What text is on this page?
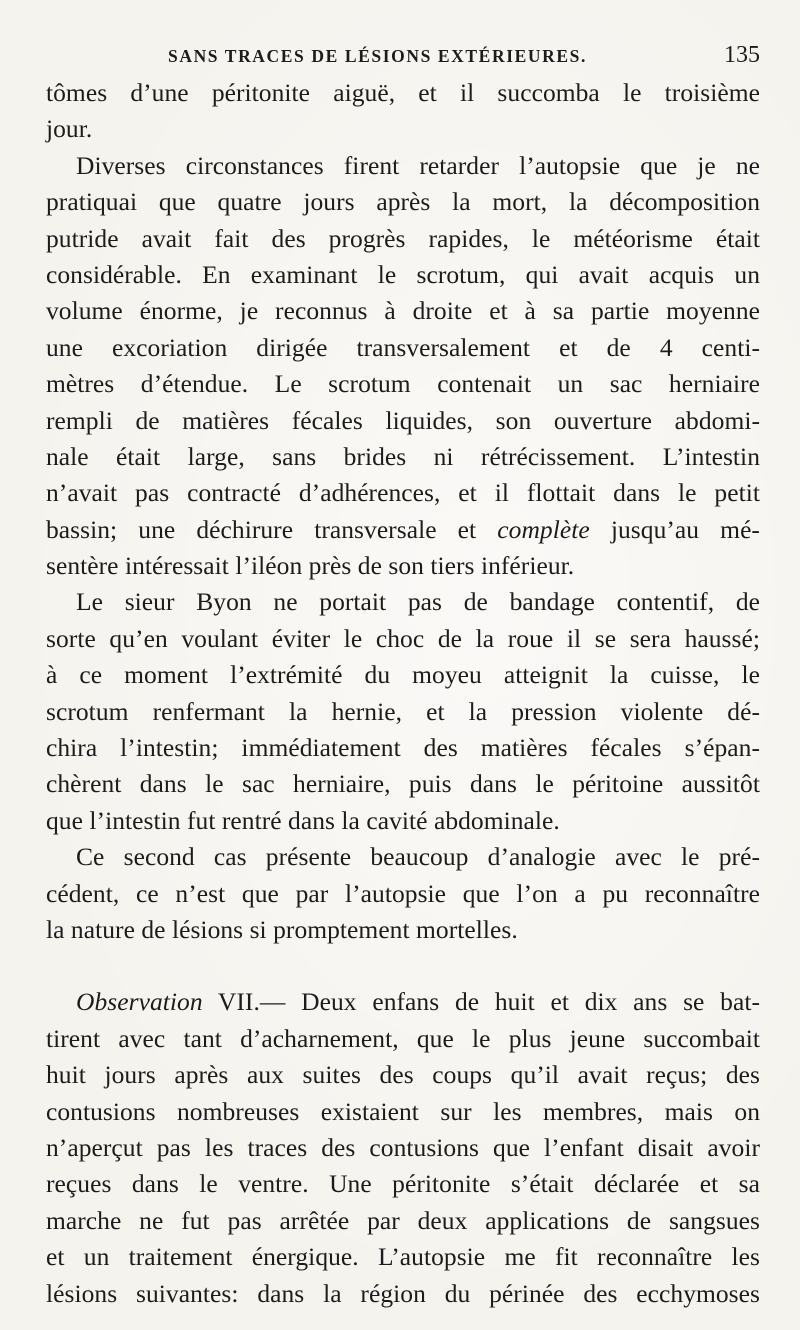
SANS TRACES DE LÉSIONS EXTÉRIEURES.	135
tômes d’une péritonite aiguë, et il succomba le troisième
jour.
Diverses circonstances firent retarder l’autopsie que je ne
pratiquai que quatre jours après la mort, la décomposition
putride avait fait des progrès rapides, le météorisme était
considérable. En examinant le scrotum, qui avait acquis un
volume énorme, je reconnus à droite et à sa partie moyenne
une excoriation dirigée transversalement et de 4 centi-
mètres d’étendue. Le scrotum contenait un sac herniaire
rempli de matières fécales liquides, son ouverture abdomi-
nale était large, sans brides ni rétrécissement. L’intestin
n’avait pas contracté d’adhérences, et il flottait dans le petit
bassin; une déchirure transversale et complète jusqu’au mé-
sentère intéressait l’iléon près de son tiers inférieur.
Le sieur Byon ne portait pas de bandage contentif, de
sorte qu’en voulant éviter le choc de la roue il se sera haussé;
à ce moment l’extrémité du moyeu atteignit la cuisse, le
scrotum renfermant la hernie, et la pression violente dé-
chira l’intestin; immédiatement des matières fécales s’épan-
chèrent dans le sac herniaire, puis dans le péritoine aussitôt
que l’intestin fut rentré dans la cavité abdominale.
Ce second cas présente beaucoup d’analogie avec le pré-
cédent, ce n’est que par l’autopsie que l’on a pu reconnaître
la nature de lésions si promptement mortelles.
Observation VII.— Deux enfans de huit et dix ans se bat-
tirent avec tant d’acharnement, que le plus jeune succombait
huit jours après aux suites des coups qu’il avait reçus; des
contusions nombreuses existaient sur les membres, mais on
n’aperçut pas les traces des contusions que l’enfant disait avoir
reçues dans le ventre. Une péritonite s’était déclarée et sa
marche ne fut pas arrêtée par deux applications de sangsues
et un traitement énergique. L’autopsie me fit reconnaître les
lésions suivantes: dans la région du périnée des ecchymoses
